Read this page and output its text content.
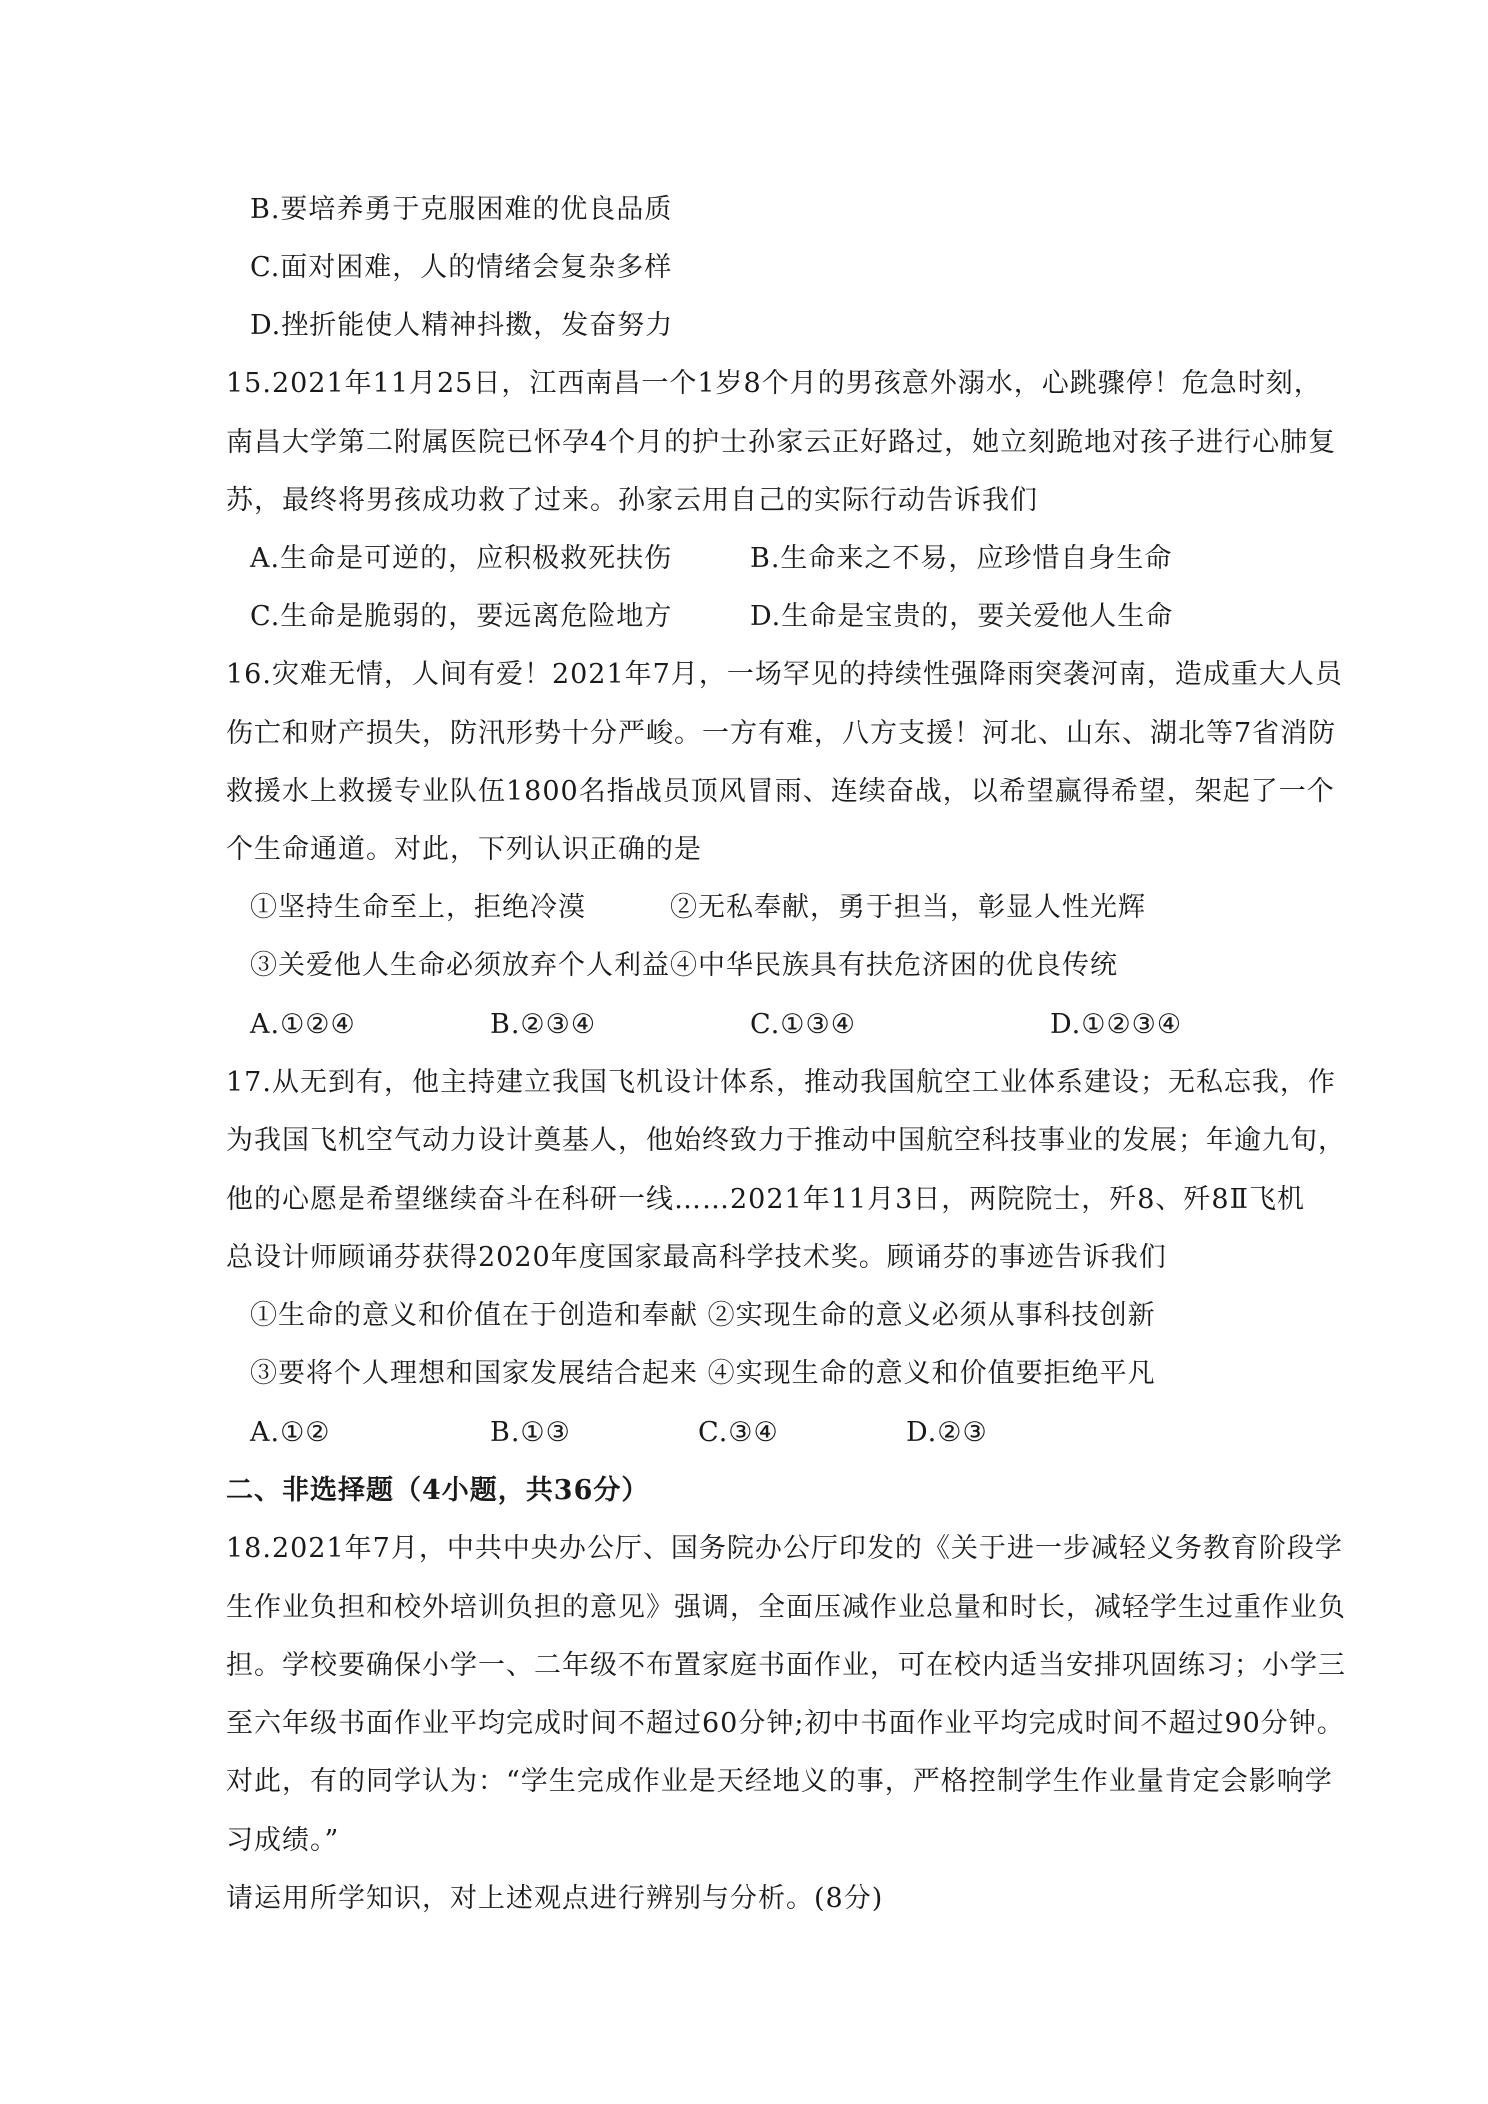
B.要培养勇于克服困难的优良品质
C.面对困难，人的情绪会复杂多样
D.挫折能使人精神抖擞，发奋努力
15.2021年11月25日，江西南昌一个1岁8个月的男孩意外溺水，心跳骤停！危急时刻，
南昌大学第二附属医院已怀孕4个月的护士孙家云正好路过，她立刻跪地对孩子进行心肺复
苏，最终将男孩成功救了过来。孙家云用自己的实际行动告诉我们
A.生命是可逆的，应积极救死扶伤	B.生命来之不易，应珍惜自身生命
C.生命是脆弱的，要远离危险地方	D.生命是宝贵的，要关爱他人生命
16.灾难无情，人间有爱！2021年7月，一场罕见的持续性强降雨突袭河南，造成重大人员
伤亡和财产损失，防汛形势十分严峻。一方有难，八方支援！河北、山东、湖北等7省消防
救援水上救援专业队伍1800名指战员顶风冒雨、连续奋战，以希望赢得希望，架起了一个
个生命通道。对此，下列认识正确的是
①坚持生命至上，拒绝冷漠	②无私奉献，勇于担当，彰显人性光辉
③关爱他人生命必须放弃个人利益 ④中华民族具有扶危济困的优良传统
A.①②④	B.②③④	C.①③④	D.①②③④
17.从无到有，他主持建立我国飞机设计体系，推动我国航空工业体系建设；无私忘我，作
为我国飞机空气动力设计奠基人，他始终致力于推动中国航空科技事业的发展；年逾九旬，
他的心愿是希望继续奋斗在科研一线……2021年11月3日，两院院士，歼8、歼8Ⅱ飞机
总设计师顾诵芬获得2020年度国家最高科学技术奖。顾诵芬的事迹告诉我们
①生命的意义和价值在于创造和奉献 ②实现生命的意义必须从事科技创新
③要将个人理想和国家发展结合起来 ④实现生命的意义和价值要拒绝平凡
A.①②	B.①③	C.③④	D.②③
二、非选择题（4小题，共36分）
18.2021年7月，中共中央办公厅、国务院办公厅印发的《关于进一步减轻义务教育阶段学
生作业负担和校外培训负担的意见》强调，全面压减作业总量和时长，减轻学生过重作业负
担。学校要确保小学一、二年级不布置家庭书面作业，可在校内适当安排巩固练习；小学三
至六年级书面作业平均完成时间不超过60分钟;初中书面作业平均完成时间不超过90分钟。
对此，有的同学认为：“学生完成作业是天经地义的事，严格控制学生作业量肯定会影响学
习成绩。”
请运用所学知识，对上述观点进行辨别与分析。(8分)
